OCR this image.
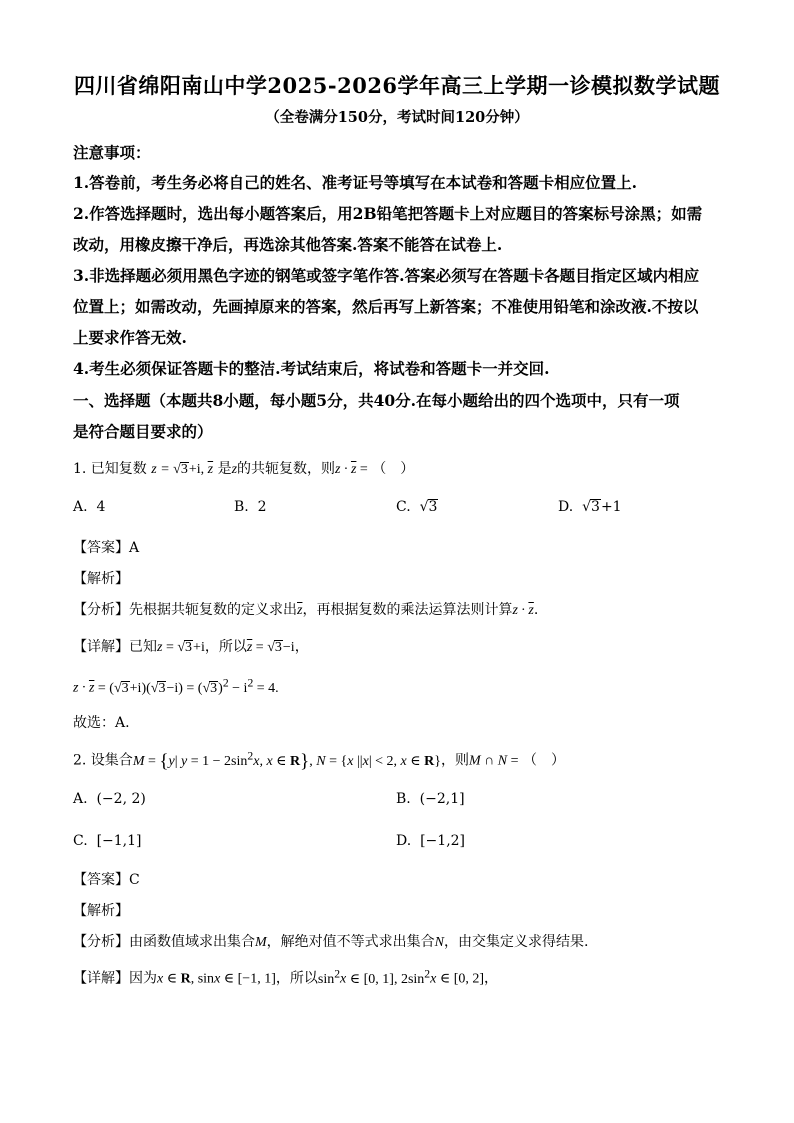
四川省绵阳南山中学2025-2026学年高三上学期一诊模拟数学试题
（全卷满分150分，考试时间120分钟）
注意事项：
1.答卷前，考生务必将自己的姓名、准考证号等填写在本试卷和答题卡相应位置上.
2.作答选择题时，选出每小题答案后，用2B铅笔把答题卡上对应题目的答案标号涂黑；如需
改动，用橡皮擦干净后，再选涂其他答案.答案不能答在试卷上.
3.非选择题必须用黑色字迹的钢笔或签字笔作答.答案必须写在答题卡各题目指定区域内相应
位置上；如需改动，先画掉原来的答案，然后再写上新答案；不准使用铅笔和涂改液.不按以
上要求作答无效.
4.考生必须保证答题卡的整洁.考试结束后，将试卷和答题卡一并交回.
一、选择题（本题共8小题，每小题5分，共40分.在每小题给出的四个选项中，只有一项
是符合题目要求的）
1. 已知复数 z = √3+i, $\overline{z}$ 是z的共轭复数，则$z \cdot \overline{z}$ = （　）
A. 4	B. 2	C. √3	D. √3+1
【答案】A
【解析】
【分析】先根据共轭复数的定义求出$\overline{z}$，再根据复数的乘法运算法则计算$z \cdot \overline{z}$.
【详解】已知z = √3+i，所以$\overline{z} = √3-i$，
$z \cdot \overline{z} = (√3+i)(√3-i) = (√3)^2 - i^2 = 4$.
故选：A.
2. 设集合M = {y| $y = 1 - 2\sin^2x$, x ∈ R}, N = {x ||x| < 2, x ∈ R}，则M ∩ N = （　）
A. (−2, 2)	B. (−2,1]
C. [−1,1]	D. [−1,2]
【答案】C
【解析】
【分析】由函数值域求出集合M，解绝对值不等式求出集合N，由交集定义求得结果.
【详解】因为x ∈ R, sinx ∈ [−1, 1]，所以$\sin^2x$ ∈ [0, 1], $2\sin^2x$ ∈ [0, 2]，
